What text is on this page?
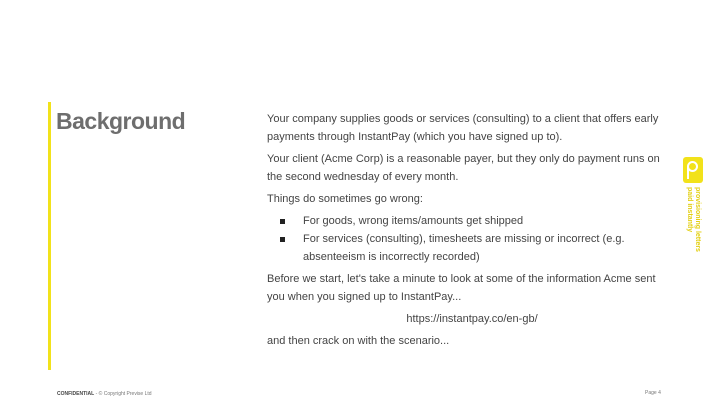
Background	Your company supplies goods or services (consulting) to a client that offers early payments through InstantPay (which you have signed up to).

Your client (Acme Corp) is a reasonable payer, but they only do payment runs on the second wednesday of every month.

Things do sometimes go wrong:

For goods, wrong items/amounts get shipped
For services (consulting), timesheets are missing or incorrect (e.g. absenteeism is incorrectly recorded)

Before we start, let's take a minute to look at some of the information Acme sent you when you signed up to InstantPay...

https://instantpay.co/en-gb/

and then crack on with the scenario...

provisioning letters
paid instantly
CONFIDENTIAL - © Copyright Previse Ltd	Page 4
